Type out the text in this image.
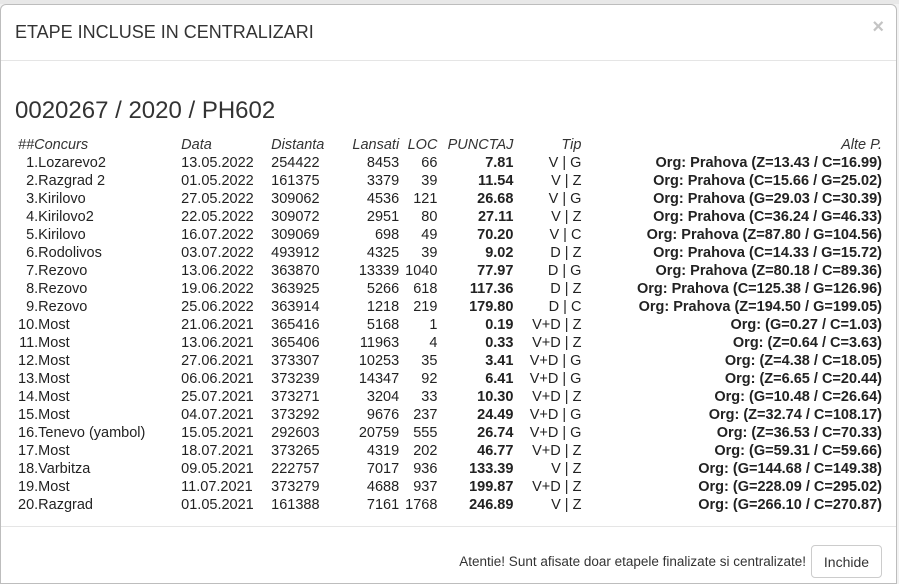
ETAPE INCLUSE IN CENTRALIZARI	×
0020267 / 2020 / PH602
##Concurs		Data	Distanta	Lansati	LOC	PUNCTAJ	Tip	Alte P.
1.	Lozarevo2	13.05.2022	254422	8453	66	7.81	V | G	Org: Prahova (Z=13.43 / C=16.99)
2.	Razgrad 2	01.05.2022	161375	3379	39	11.54	V | Z	Org: Prahova (C=15.66 / G=25.02)
3.	Kirilovo	27.05.2022	309062	4536	121	26.68	V | G	Org: Prahova (G=29.03 / C=30.39)
4.	Kirilovo2	22.05.2022	309072	2951	80	27.11	V | Z	Org: Prahova (C=36.24 / G=46.33)
5.	Kirilovo	16.07.2022	309069	698	49	70.20	V | C	Org: Prahova (Z=87.80 / G=104.56)
6.	Rodolivos	03.07.2022	493912	4325	39	9.02	D | Z	Org: Prahova (C=14.33 / G=15.72)
7.	Rezovo	13.06.2022	363870	13339	1040	77.97	D | G	Org: Prahova (Z=80.18 / C=89.36)
8.	Rezovo	19.06.2022	363925	5266	618	117.36	D | Z	Org: Prahova (C=125.38 / G=126.96)
9.	Rezovo	25.06.2022	363914	1218	219	179.80	D | C	Org: Prahova (Z=194.50 / G=199.05)
10.	Most	21.06.2021	365416	5168	1	0.19	V+D | Z	Org: (G=0.27 / C=1.03)
11.	Most	13.06.2021	365406	11963	4	0.33	V+D | Z	Org: (Z=0.64 / C=3.63)
12.	Most	27.06.2021	373307	10253	35	3.41	V+D | G	Org: (Z=4.38 / C=18.05)
13.	Most	06.06.2021	373239	14347	92	6.41	V+D | G	Org: (Z=6.65 / C=20.44)
14.	Most	25.07.2021	373271	3204	33	10.30	V+D | Z	Org: (G=10.48 / C=26.64)
15.	Most	04.07.2021	373292	9676	237	24.49	V+D | G	Org: (Z=32.74 / C=108.17)
16.	Tenevo (yambol)	15.05.2021	292603	20759	555	26.74	V+D | G	Org: (Z=36.53 / C=70.33)
17.	Most	18.07.2021	373265	4319	202	46.77	V+D | Z	Org: (G=59.31 / C=59.66)
18.	Varbitza	09.05.2021	222757	7017	936	133.39	V | Z	Org: (G=144.68 / C=149.38)
19.	Most	11.07.2021	373279	4688	937	199.87	V+D | Z	Org: (G=228.09 / C=295.02)
20.	Razgrad	01.05.2021	161388	7161	1768	246.89	V | Z	Org: (G=266.10 / C=270.87)
Atentie! Sunt afisate doar etapele finalizate si centralizate!	Inchide
